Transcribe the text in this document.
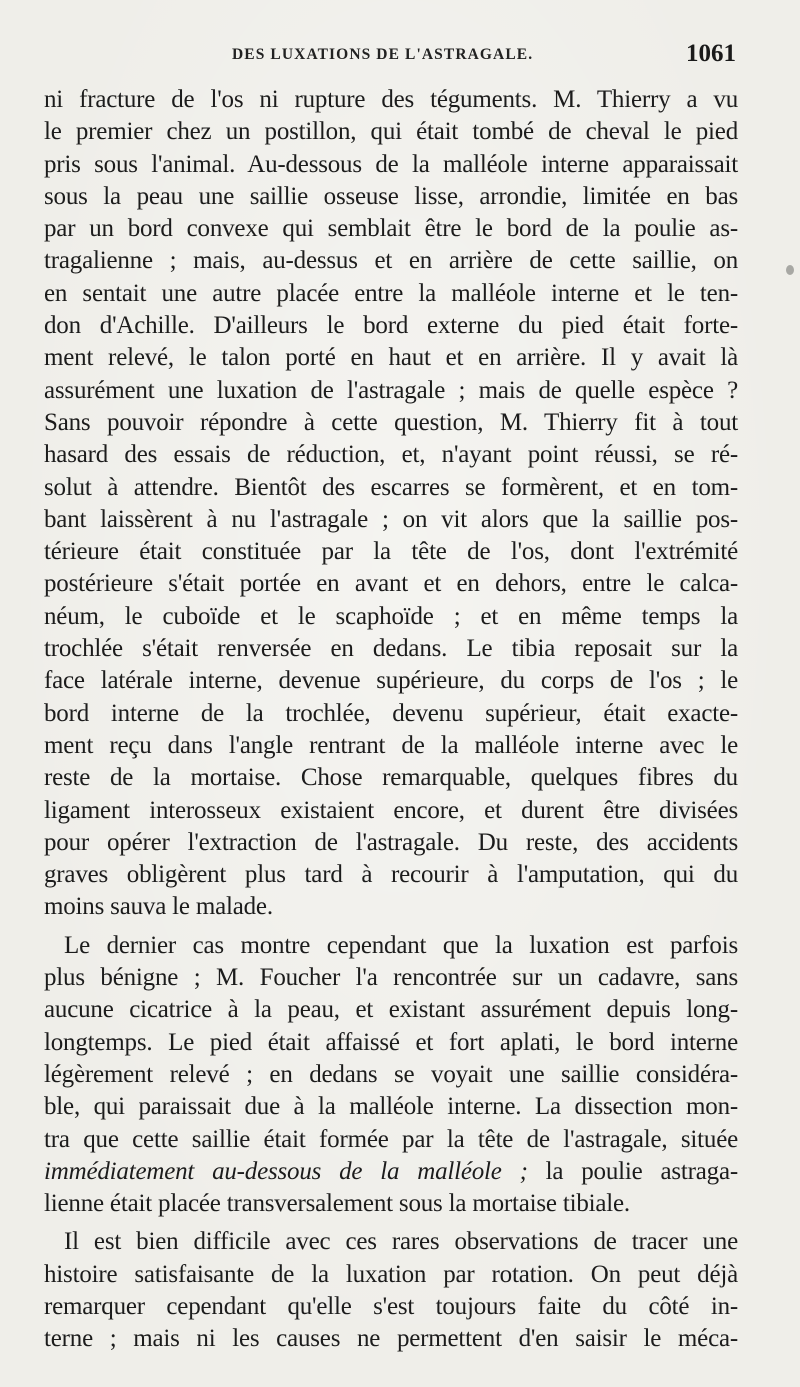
DES LUXATIONS DE L'ASTRAGALE.	1061
ni fracture de l'os ni rupture des téguments. M. Thierry a vu
le premier chez un postillon, qui était tombé de cheval le pied
pris sous l'animal. Au-dessous de la malléole interne apparaissait
sous la peau une saillie osseuse lisse, arrondie, limitée en bas
par un bord convexe qui semblait être le bord de la poulie as-
tragalienne ; mais, au-dessus et en arrière de cette saillie, on
en sentait une autre placée entre la malléole interne et le ten-
don d'Achille. D'ailleurs le bord externe du pied était forte-
ment relevé, le talon porté en haut et en arrière. Il y avait là
assurément une luxation de l'astragale ; mais de quelle espèce ?
Sans pouvoir répondre à cette question, M. Thierry fit à tout
hasard des essais de réduction, et, n'ayant point réussi, se ré-
solut à attendre. Bientôt des escarres se formèrent, et en tom-
bant laissèrent à nu l'astragale ; on vit alors que la saillie pos-
térieure était constituée par la tête de l'os, dont l'extrémité
postérieure s'était portée en avant et en dehors, entre le calca-
néum, le cuboïde et le scaphoïde ; et en même temps la
trochlée s'était renversée en dedans. Le tibia reposait sur la
face latérale interne, devenue supérieure, du corps de l'os ; le
bord interne de la trochlée, devenu supérieur, était exacte-
ment reçu dans l'angle rentrant de la malléole interne avec le
reste de la mortaise. Chose remarquable, quelques fibres du
ligament interosseux existaient encore, et durent être divisées
pour opérer l'extraction de l'astragale. Du reste, des accidents
graves obligèrent plus tard à recourir à l'amputation, qui du
moins sauva le malade.
Le dernier cas montre cependant que la luxation est parfois
plus bénigne ; M. Foucher l'a rencontrée sur un cadavre, sans
aucune cicatrice à la peau, et existant assurément depuis long-
longtemps. Le pied était affaissé et fort aplati, le bord interne
légèrement relevé ; en dedans se voyait une saillie considéra-
ble, qui paraissait due à la malléole interne. La dissection mon-
tra que cette saillie était formée par la tête de l'astragale, située
immédiatement au-dessous de la malléole ; la poulie astraga-
lienne était placée transversalement sous la mortaise tibiale.
Il est bien difficile avec ces rares observations de tracer une
histoire satisfaisante de la luxation par rotation. On peut déjà
remarquer cependant qu'elle s'est toujours faite du côté in-
terne ; mais ni les causes ne permettent d'en saisir le méca-
